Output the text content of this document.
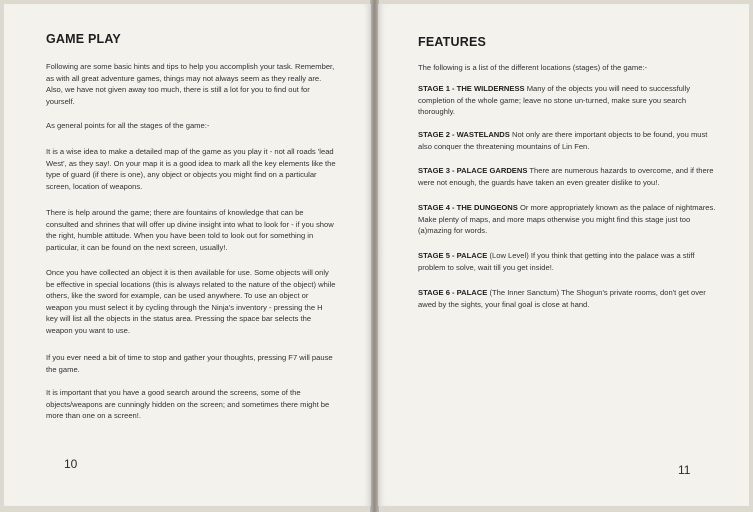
GAME PLAY

Following are some basic hints and tips to help you accomplish your task. Remember, as with all great adventure games, things may not always seem as they really are. Also, we have not given away too much, there is still a lot for you to find out for yourself.

As general points for all the stages of the game:-

It is a wise idea to make a detailed map of the game as you play it - not all roads 'lead West', as they say!. On your map it is a good idea to mark all the key elements like the type of guard (if there is one), any object or objects you might find on a particular screen, location of weapons.

There is help around the game; there are fountains of knowledge that can be consulted and shrines that will offer up divine insight into what to look for - if you show the right, humble attitude. When you have been told to look out for something in particular, it can be found on the next screen, usually!.

Once you have collected an object it is then available for use. Some objects will only be effective in special locations (this is always related to the nature of the object) while others, like the sword for example, can be used anywhere. To use an object or weapon you must select it by cycling through the Ninja's inventory - pressing the H key will list all the objects in the status area. Pressing the space bar selects the weapon you want to use.

If you ever need a bit of time to stop and gather your thoughts, pressing F7 will pause the game.

It is important that you have a good search around the screens, some of the objects/weapons are cunningly hidden on the screen; and sometimes there might be more than one on a screen!.

10
FEATURES

The following is a list of the different locations (stages) of the game:-

STAGE 1 - THE WILDERNESS Many of the objects you will need to successfully completion of the whole game; leave no stone un-turned, make sure you search thoroughly.

STAGE 2 - WASTELANDS Not only are there important objects to be found, you must also conquer the threatening mountains of Lin Fen.

STAGE 3 - PALACE GARDENS There are numerous hazards to overcome, and if there were not enough, the guards have taken an even greater dislike to you!.

STAGE 4 - THE DUNGEONS Or more appropriately known as the palace of nightmares. Make plenty of maps, and more maps otherwise you might find this stage just too (a)mazing for words.

STAGE 5 - PALACE (Low Level) If you think that getting into the palace was a stiff problem to solve, wait till you get inside!.

STAGE 6 - PALACE (The Inner Sanctum) The Shogun's private rooms, don't get over awed by the sights, your final goal is close at hand.

11
